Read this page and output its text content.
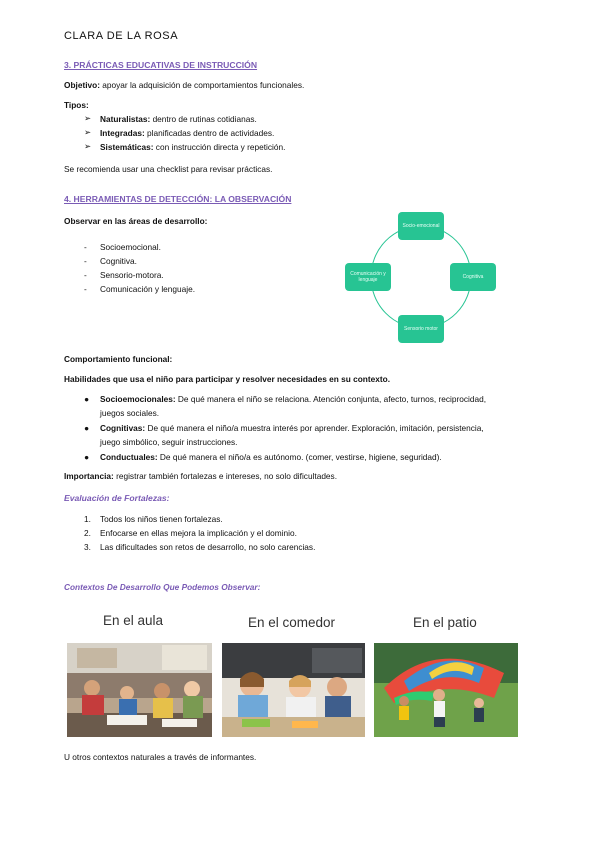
CLARA DE LA ROSA
3. PRÁCTICAS EDUCATIVAS DE INSTRUCCIÓN
Objetivo: apoyar la adquisición de comportamientos funcionales.
Tipos:
➢ Naturalistas: dentro de rutinas cotidianas.
➢ Integradas: planificadas dentro de actividades.
➢ Sistemáticas: con instrucción directa y repetición.
Se recomienda usar una checklist para revisar prácticas.
4. HERRAMIENTAS DE DETECCIÓN: LA OBSERVACIÓN
Observar en las áreas de desarrollo:
- Socioemocional.
- Cognitiva.
- Sensorio-motora.
- Comunicación y lenguaje.
Socio-emocional
Cognitiva
Sensorio motor
Comunicación y lenguaje
Comportamiento funcional:
Habilidades que usa el niño para participar y resolver necesidades en su contexto.
● Socioemocionales: De qué manera el niño se relaciona. Atención conjunta, afecto, turnos, reciprocidad,
juegos sociales.
● Cognitivas: De qué manera el niño/a muestra interés por aprender. Exploración, imitación, persistencia,
juego simbólico, seguir instrucciones.
● Conductuales: De qué manera el niño/a es autónomo. (comer, vestirse, higiene, seguridad).
Importancia: registrar también fortalezas e intereses, no solo dificultades.
Evaluación de Fortalezas:
1. Todos los niños tienen fortalezas.
2. Enfocarse en ellas mejora la implicación y el dominio.
3. Las dificultades son retos de desarrollo, no solo carencias.
Contextos De Desarrollo Que Podemos Observar:
En el aula	En el comedor	En el patio
U otros contextos naturales a través de informantes.
